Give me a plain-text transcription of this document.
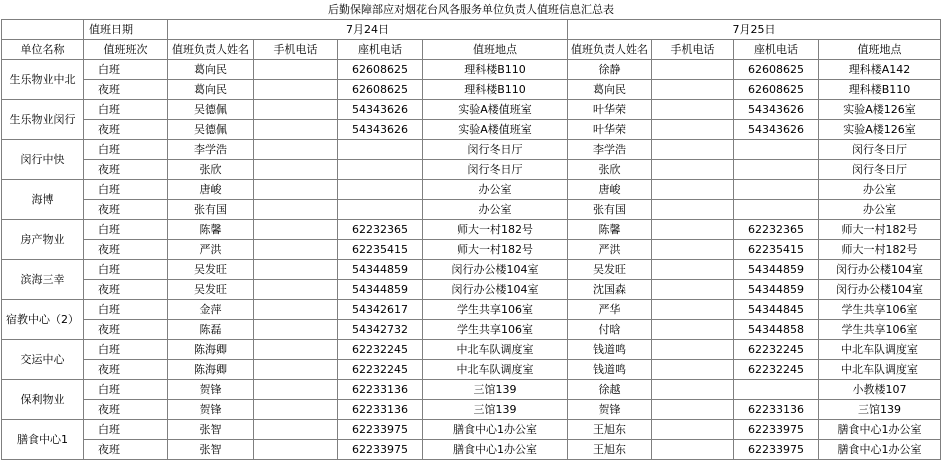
后勤保障部应对烟花台风各服务单位负责人值班信息汇总表									
	值班日期	7月24日				7月25日			
单位名称	值班班次	值班负责人姓名	手机电话	座机电话	值班地点	值班负责人姓名	手机电话	座机电话	值班地点
生乐物业中北	白班	葛向民		62608625	理科楼B110	徐静		62608625	理科楼A142
	夜班	葛向民		62608625	理科楼B110	葛向民		62608625	理科楼B110
生乐物业闵行	白班	吴德佩		54343626	实验A楼值班室	叶华荣		54343626	实验A楼126室
	夜班	吴德佩		54343626	实验A楼值班室	叶华荣		54343626	实验A楼126室
闵行中快	白班	李学浩			闵行冬日厅	李学浩			闵行冬日厅
	夜班	张欣			闵行冬日厅	张欣			闵行冬日厅
海博	白班	唐峻			办公室	唐峻			办公室
	夜班	张有国			办公室	张有国			办公室
房产物业	白班	陈馨		62232365	师大一村182号	陈馨		62232365	师大一村182号
	夜班	严洪		62235415	师大一村182号	严洪		62235415	师大一村182号
滨海三幸	白班	吴发旺		54344859	闵行办公楼104室	吴发旺		54344859	闵行办公楼104室
	夜班	吴发旺		54344859	闵行办公楼104室	沈国森		54344859	闵行办公楼104室
宿教中心（2）	白班	金萍		54342617	学生共享106室	严华		54344845	学生共享106室
	夜班	陈磊		54342732	学生共享106室	付晗		54344858	学生共享106室
交运中心	白班	陈海卿		62232245	中北车队调度室	钱道鸣		62232245	中北车队调度室
	夜班	陈海卿		62232245	中北车队调度室	钱道鸣		62232245	中北车队调度室
保利物业	白班	贺锋		62233136	三馆139	徐越			小教楼107
	夜班	贺锋		62233136	三馆139	贺锋		62233136	三馆139
膳食中心1	白班	张智		62233975	膳食中心1办公室	王旭东		62233975	膳食中心1办公室
	夜班	张智		62233975	膳食中心1办公室	王旭东		62233975	膳食中心1办公室
